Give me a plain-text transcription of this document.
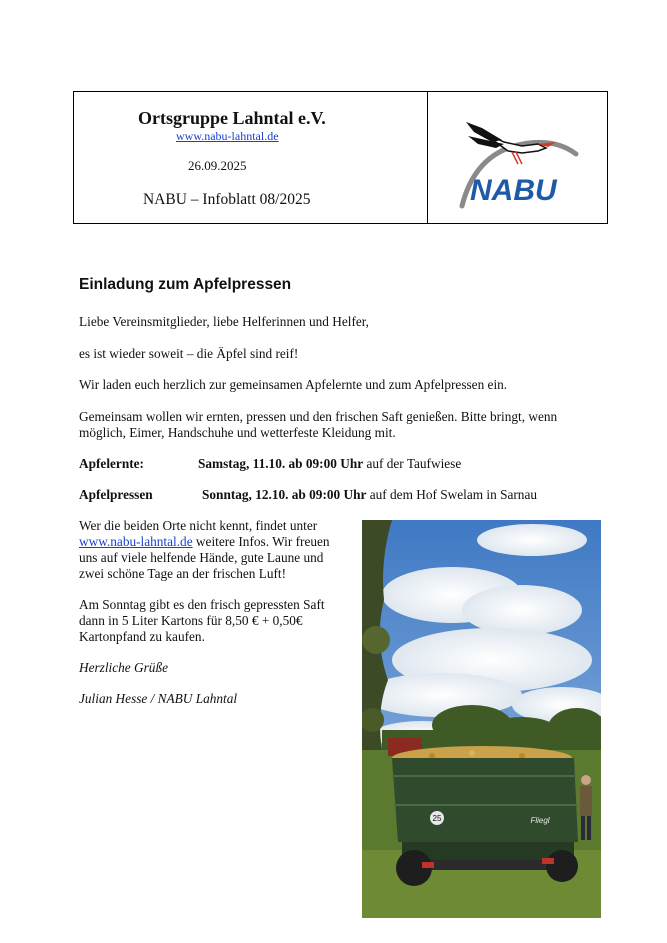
Ortsgruppe Lahntal e.V.
www.nabu-lahntal.de
26.09.2025
NABU – Infoblatt 08/2025	NABU
Einladung zum Apfelpressen

Liebe Vereinsmitglieder, liebe Helferinnen und Helfer,

es ist wieder soweit – die Äpfel sind reif!

Wir laden euch herzlich zur gemeinsamen Apfelernte und zum Apfelpressen ein.

Gemeinsam wollen wir ernten, pressen und den frischen Saft genießen. Bitte bringt, wenn

möglich, Eimer, Handschuhe und wetterfeste Kleidung mit.

Apfelernte:	Samstag, 11.10. ab 09:00 Uhr auf der Taufwiese

Apfelpressen	Sonntag, 12.10. ab 09:00 Uhr auf dem Hof Swelam in Sarnau

Wer die beiden Orte nicht kennt, findet unter

www.nabu-lahntal.de weitere Infos. Wir freuen

uns auf viele helfende Hände, gute Laune und

zwei schöne Tage an der frischen Luft!

Am Sonntag gibt es den frisch gepressten Saft

dann in 5 Liter Kartons für 8,50 € + 0,50€

Kartonpfand zu kaufen.

Herzliche Grüße

Julian Hesse / NABU Lahntal

25	Fliegl
